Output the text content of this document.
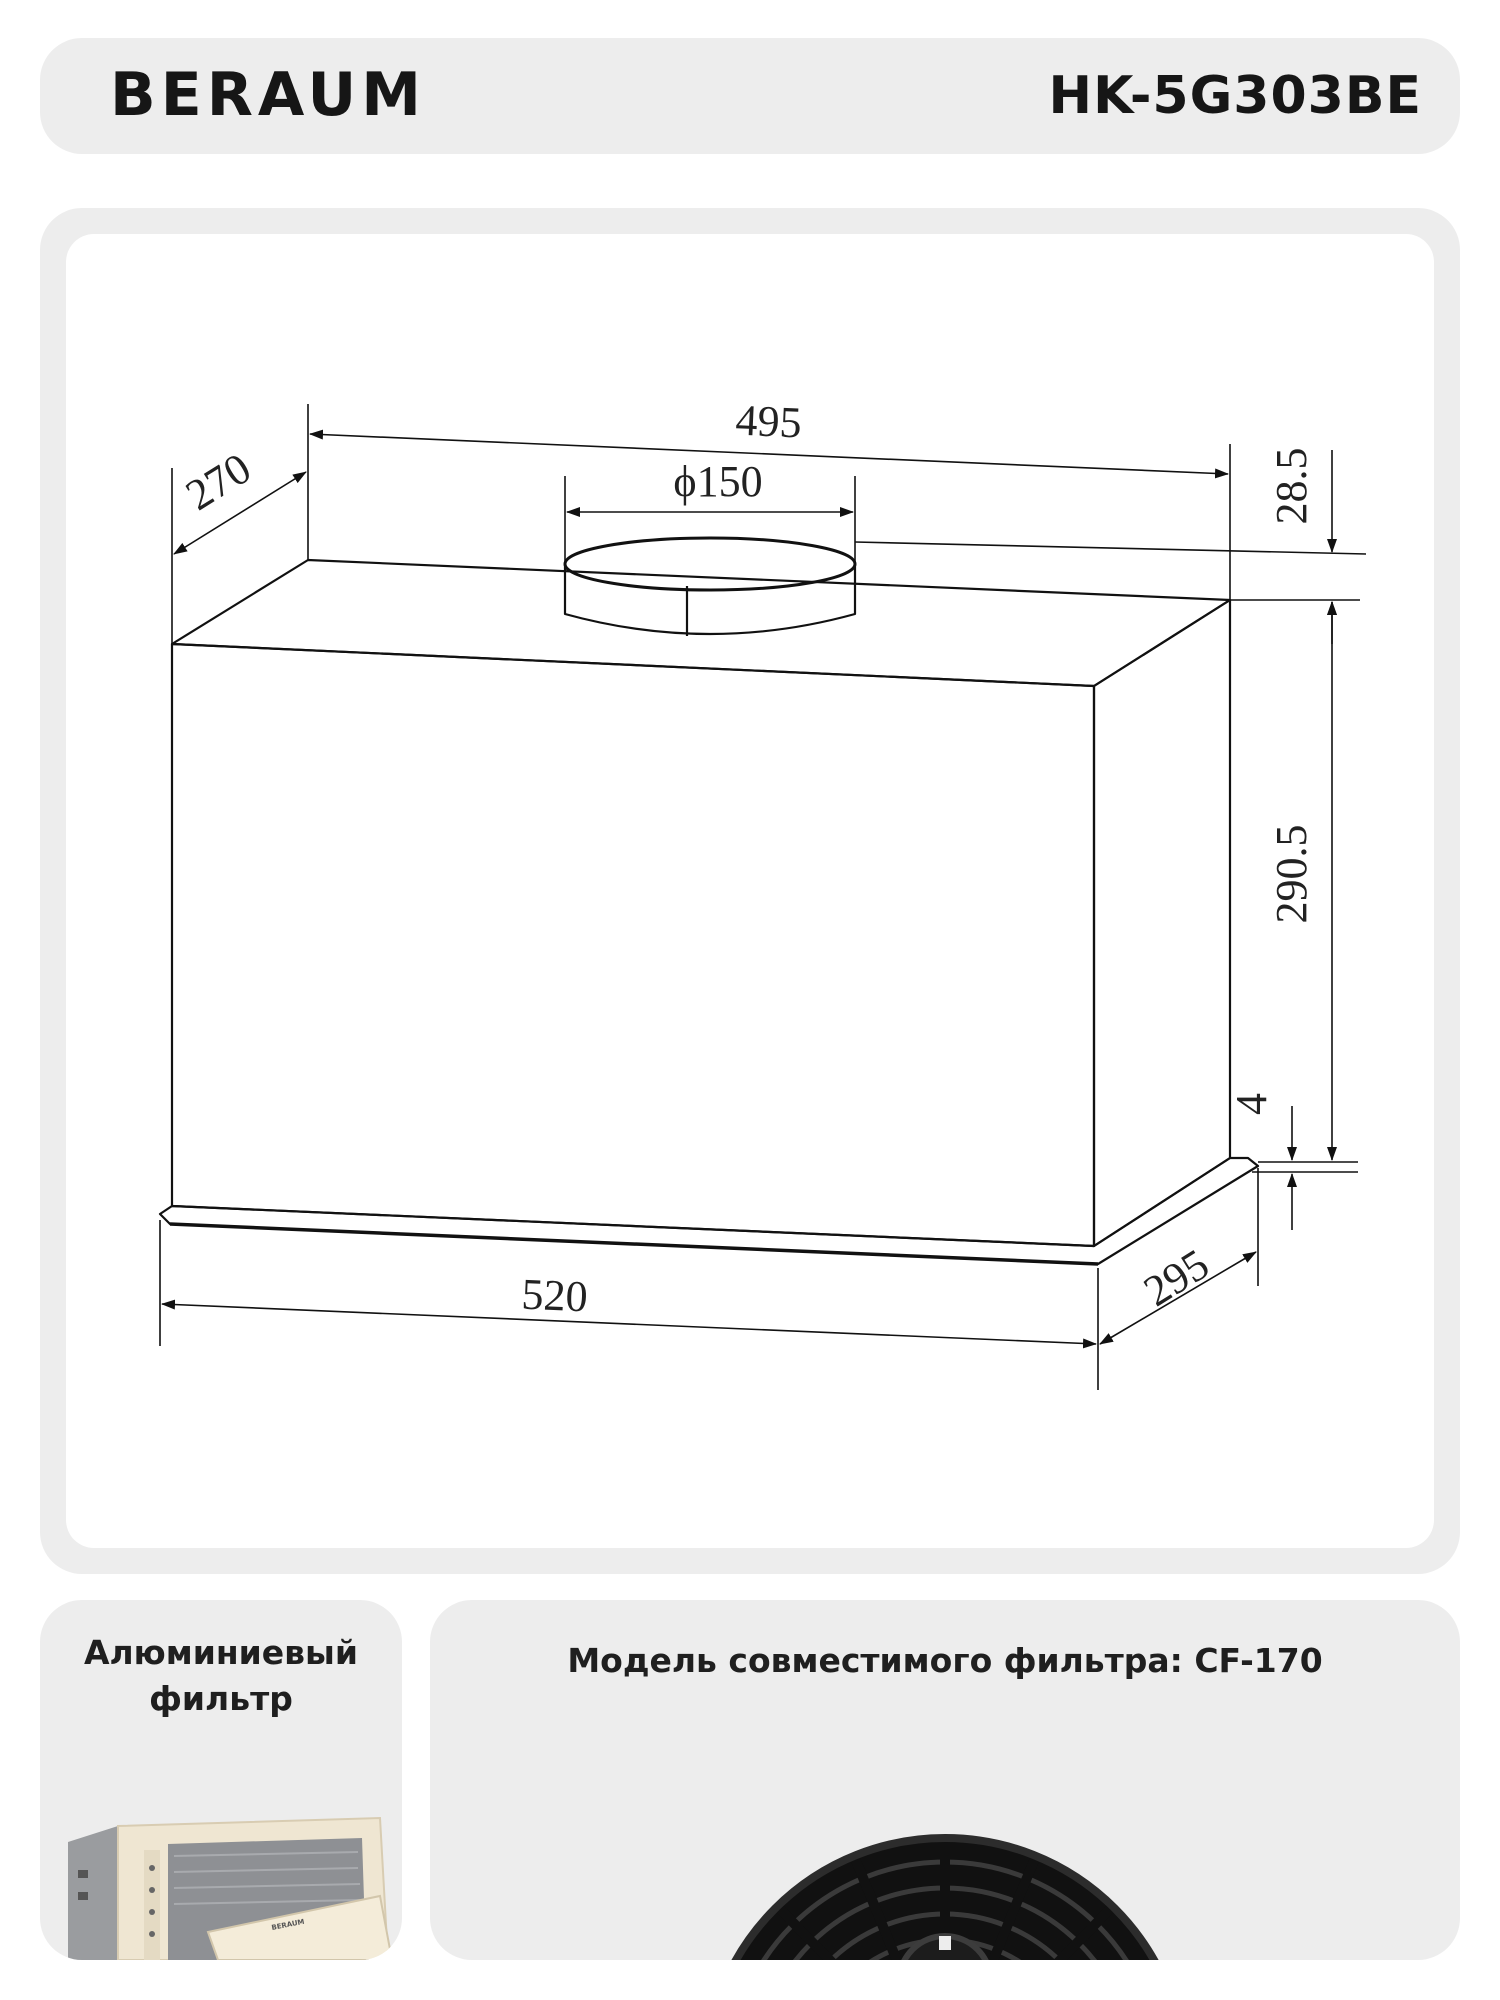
BERAUM	HK-5G303BE
495
270	ϕ150	28.5
290.5
4
520	295
Алюминиевый
фильтр
BERAUM
Модель совместимого фильтра: CF-170
